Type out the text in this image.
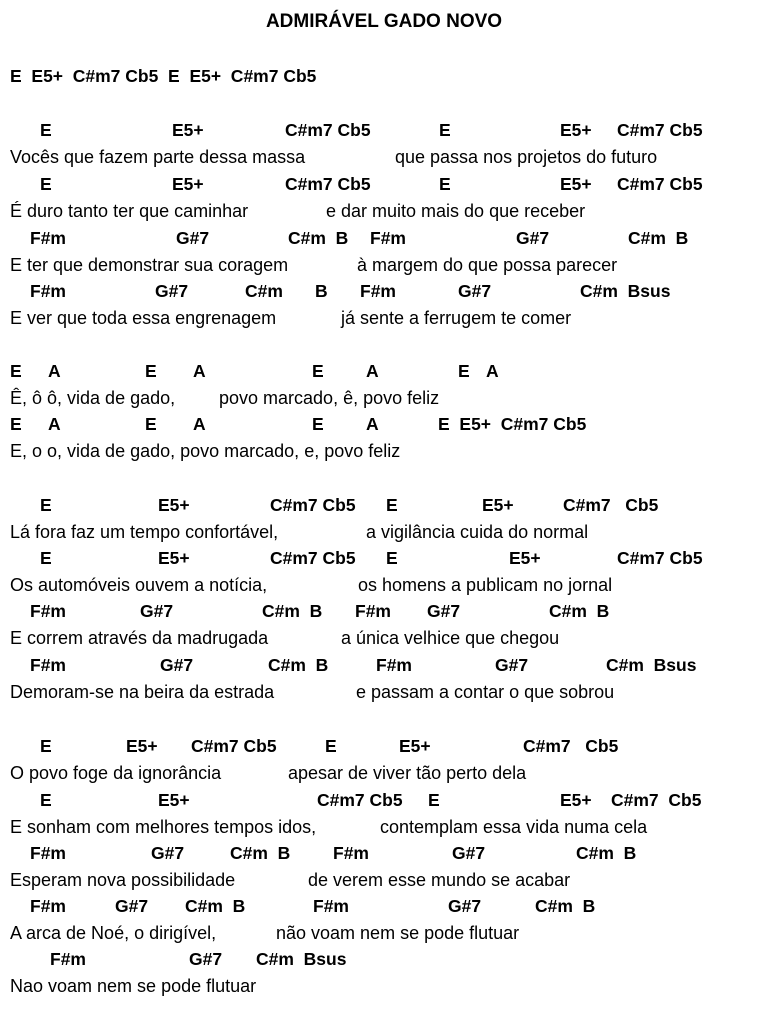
ADMIRÁVEL GADO NOVO

E  E5+  C#m7 Cb5  E  E5+  C#m7 Cb5

E	E5+	C#m7 Cb5	E	E5+ C#m7 Cb5
Vocês que fazem parte dessa massa	que passa nos projetos do futuro
E	E5+	C#m7 Cb5	E	E5+ C#m7 Cb5
É duro tanto ter que caminhar	e dar muito mais do que receber
F#m	G#7	C#m  B F#m	G#7	C#m  B
E ter que demonstrar sua coragem	à margem do que possa parecer
F#m	G#7	C#m B F#m	G#7	C#m  Bsus
E ver que toda essa engrenagem	já sente a ferrugem te comer
E A	E A	E A	E A
Ê, ô ô, vida de gado, povo marcado, ê, povo feliz
E A	E A	E A	E  E5+  C#m7 Cb5
E, o o, vida de gado, povo marcado, e, povo feliz
E	E5+	C#m7 Cb5 E	E5+	C#m7   Cb5
Lá fora faz um tempo confortável,	a vigilância cuida do normal
E	E5+	C#m7 Cb5 E	E5+	C#m7 Cb5
Os automóveis ouvem a notícia,	os homens a publicam no jornal
F#m	G#7	C#m  B F#m G#7	C#m  B
E correm através da madrugada	a única velhice que chegou
F#m	G#7	C#m  B	F#m	G#7	C#m  Bsus
Demoram-se na beira da estrada	e passam a contar o que sobrou
E	E5+ C#m7 Cb5	E	E5+	C#m7   Cb5
O povo foge da ignorância	apesar de viver tão perto dela
E	E5+	C#m7 Cb5 E	E5+ C#m7  Cb5
E sonham com melhores tempos idos,	contemplam essa vida numa cela
F#m	G#7	C#m  B F#m	G#7	C#m  B
Esperam nova possibilidade	de verem esse mundo se acabar
F#m	G#7 C#m  B	F#m	G#7	C#m  B
A arca de Noé, o dirigível,	não voam nem se pode flutuar
F#m	G#7 C#m  Bsus
Nao voam nem se pode flutuar
